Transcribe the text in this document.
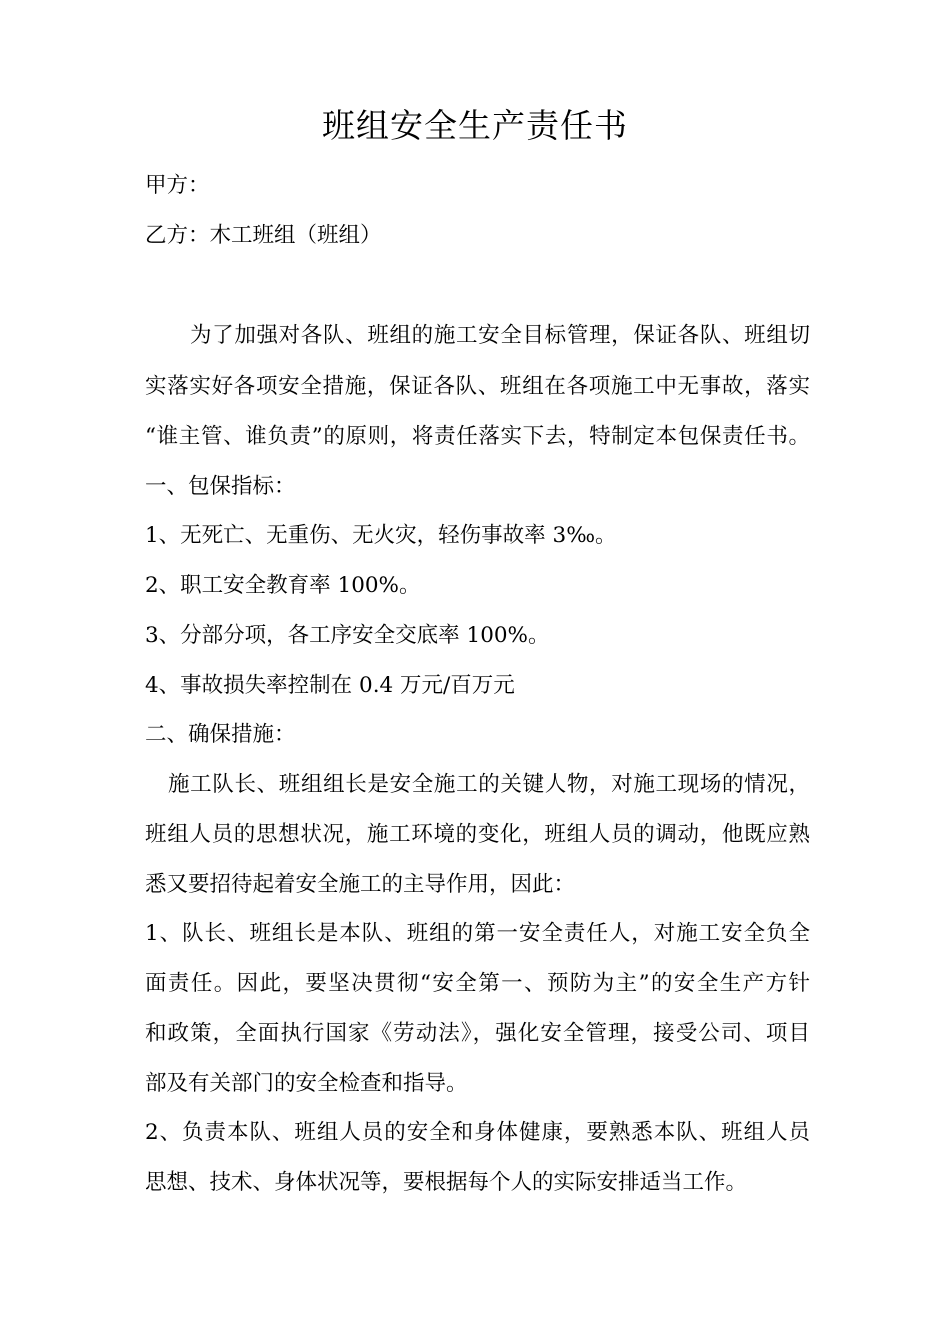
班组安全生产责任书

甲方：

乙方：木工班组（班组）

为了加强对各队、班组的施工安全目标管理，保证各队、班组切

实落实好各项安全措施，保证各队、班组在各项施工中无事故，落实

“谁主管、谁负责”的原则，将责任落实下去，特制定本包保责任书。

一、包保指标：

1、无死亡、无重伤、无火灾，轻伤事故率 3‰。

2、职工安全教育率 100%。

3、分部分项，各工序安全交底率 100%。

4、事故损失率控制在 0.4 万元/百万元

二、确保措施：

施工队长、班组组长是安全施工的关键人物，对施工现场的情况，

班组人员的思想状况，施工环境的变化，班组人员的调动，他既应熟

悉又要招待起着安全施工的主导作用，因此：

1、队长、班组长是本队、班组的第一安全责任人，对施工安全负全

面责任。因此，要坚决贯彻“安全第一、预防为主”的安全生产方针

和政策，全面执行国家《劳动法》，强化安全管理，接受公司、项目

部及有关部门的安全检查和指导。

2、负责本队、班组人员的安全和身体健康，要熟悉本队、班组人员

思想、技术、身体状况等，要根据每个人的实际安排适当工作。
